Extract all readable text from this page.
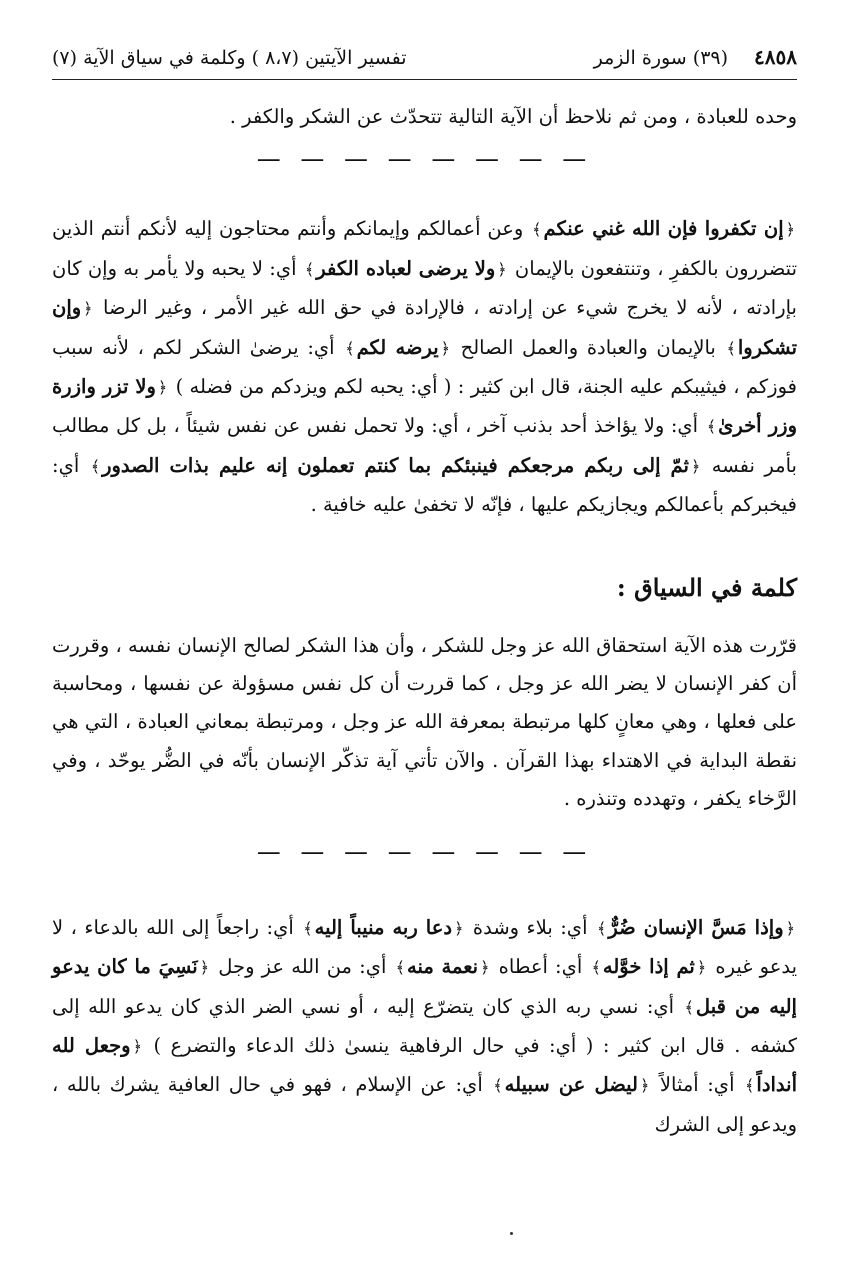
٤٨٥٨
(٣٩) سورة الزمر
تفسير الآيتين (٨،٧ ) وكلمة في سياق الآية (٧)

وحده للعبادة ، ومن ثم نلاحظ أن الآية التالية تتحدّث عن الشكر والكفر .

— — — — — — — —

﴿إن تكفروا فإن الله غني عنكم﴾ وعن أعمالكم وإيمانكم وأنتم محتاجون إليه لأنكم أنتم الذين تتضررون بالكفرِ ، وتنتفعون بالإيمان ﴿ولا يرضى لعباده الكفر﴾ أي: لا يحبه ولا يأمر به وإن كان بإرادته ، لأنه لا يخرج شيء عن إرادته ، فالإرادة في حق الله غير الأمر ، وغير الرضا ﴿وإن تشكروا﴾ بالإيمان والعبادة والعمل الصالح ﴿يرضه لكم﴾ أي: يرضىٰ الشكر لكم ، لأنه سبب فوزكم ، فيثيبكم عليه الجنة، قال ابن كثير : ( أي: يحبه لكم ويزدكم من فضله ) ﴿ولا تزر وازرة وزر أخرىٰ﴾ أي: ولا يؤاخذ أحد بذنب آخر ، أي: ولا تحمل نفس عن نفس شيئاً ، بل كل مطالب بأمر نفسه ﴿ثمّ إلى ربكم مرجعكم فينبئكم بما كنتم تعملون إنه عليم بذات الصدور﴾ أي: فيخبركم بأعمالكم ويجازيكم عليها ، فإنّه لا تخفىٰ عليه خافية .

كلمة في السياق :

قرّرت هذه الآية استحقاق الله عز وجل للشكر ، وأن هذا الشكر لصالح الإنسان نفسه ، وقررت أن كفر الإنسان لا يضر الله عز وجل ، كما قررت أن كل نفس مسؤولة عن نفسها ، ومحاسبة على فعلها ، وهي معانٍ كلها مرتبطة بمعرفة الله عز وجل ، ومرتبطة بمعاني العبادة ، التي هي نقطة البداية في الاهتداء بهذا القرآن . والآن تأتي آية تذكّر الإنسان بأنّه في الضُّر يوحّد ، وفي الرَّخاء يكفر ، وتهدده وتنذره .

— — — — — — — —

﴿وإذا مَسَّ الإنسان ضُرٌّ﴾ أي: بلاء وشدة ﴿دعا ربه منيباً إليه﴾ أي: راجعاً إلى الله بالدعاء ، لا يدعو غيره ﴿ثم إذا خوَّله﴾ أي: أعطاه ﴿نعمة منه﴾ أي: من الله عز وجل ﴿نَسِيَ ما كان يدعو إليه من قبل﴾ أي: نسي ربه الذي كان يتضرّع إليه ، أو نسي الضر الذي كان يدعو الله إلى كشفه . قال ابن كثير : ( أي: في حال الرفاهية ينسىٰ ذلك الدعاء والتضرع ) ﴿وجعل لله أنداداً﴾ أي: أمثالاً ﴿ليضل عن سبيله﴾ أي: عن الإسلام ، فهو في حال العافية يشرك بالله ، ويدعو إلى الشرك
